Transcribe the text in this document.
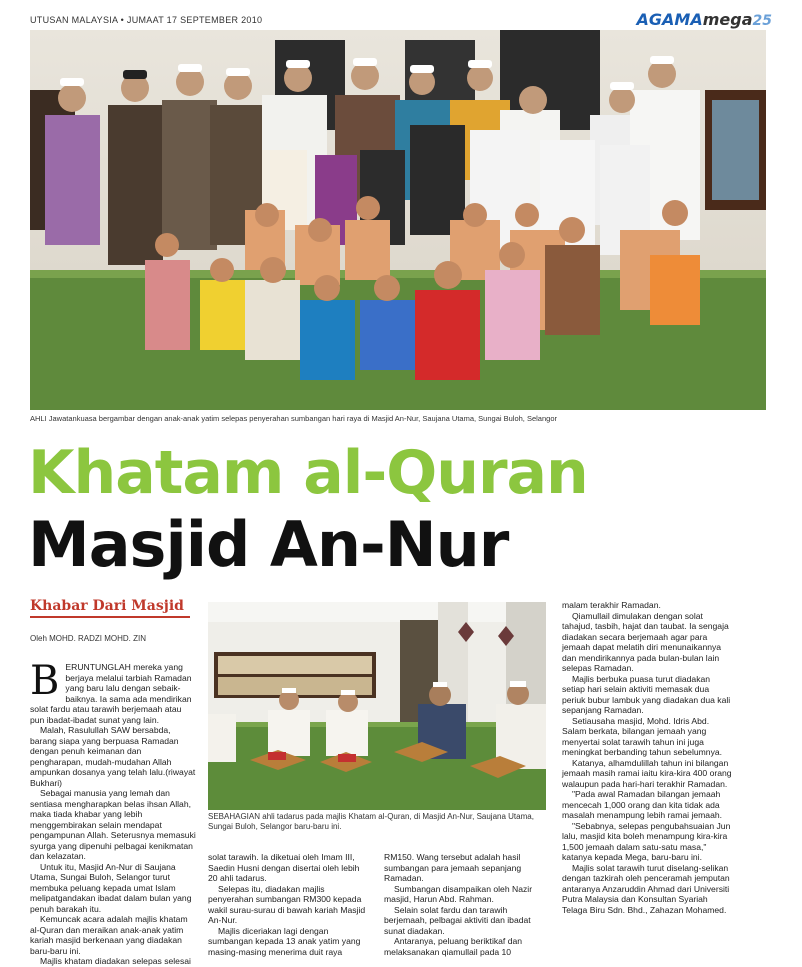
UTUSAN MALAYSIA • JUMAAT 17 SEPTEMBER 2010	AGAMAmega25
AHLI Jawatankuasa bergambar dengan anak-anak yatim selepas penyerahan sumbangan hari raya di Masjid An-Nur, Saujana Utama, Sungai Buloh, Selangor
Khatam al-Quran
Masjid An-Nur
Khabar Dari Masjid
Oleh MOHD. RADZI MOHD. ZIN

BERUNTUNGLAH mereka yang berjaya melalui tarbiah Ramadan yang baru lalu dengan sebaik-baiknya. Ia sama ada mendirikan solat fardu atau tarawih berjemaah atau pun ibadat-ibadat sunat yang lain.

Malah, Rasulullah SAW bersabda, barang siapa yang berpuasa Ramadan dengan penuh keimanan dan pengharapan, mudah-mudahan Allah ampunkan dosanya yang telah lalu.(riwayat Bukhari)

Sebagai manusia yang lemah dan sentiasa mengharapkan belas ihsan Allah, maka tiada khabar yang lebih menggembirakan selain mendapat pengampunan Allah. Seterusnya memasuki syurga yang dipenuhi pelbagai kenikmatan dan kelazatan.

Untuk itu, Masjid An-Nur di Saujana Utama, Sungai Buloh, Selangor turut membuka peluang kepada umat Islam melipatgandakan ibadat dalam bulan yang penuh barakah itu.

Kemuncak acara adalah majlis khatam al-Quran dan meraikan anak-anak yatim kariah masjid berkenaan yang diadakan baru-baru ini.

Majlis khatam diadakan selepas selesai

SEBAHAGIAN ahli tadarus pada majlis Khatam al-Quran, di Masjid An-Nur, Saujana Utama, Sungai Buloh, Selangor baru-baru ini.

solat tarawih. Ia diketuai oleh Imam III, Saedin Husni dengan disertai oleh lebih 20 ahli tadarus.

Selepas itu, diadakan majlis penyerahan sumbangan RM300 kepada wakil surau-surau di bawah kariah Masjid An-Nur.

Majlis diceriakan lagi dengan sumbangan kepada 13 anak yatim yang masing-masing menerima duit raya

RM150. Wang tersebut adalah hasil sumbangan para jemaah sepanjang Ramadan.

Sumbangan disampaikan oleh Nazir masjid, Harun Abd. Rahman.

Selain solat fardu dan tarawih berjemaah, pelbagai aktiviti dan ibadat sunat diadakan.

Antaranya, peluang beriktikaf dan melaksanakan qiamullail pada 10

malam terakhir Ramadan.

Qiamullail dimulakan dengan solat tahajud, tasbih, hajat dan taubat. Ia sengaja diadakan secara berjemaah agar para jemaah dapat melatih diri menunaikannya dan mendirikannya pada bulan-bulan lain selepas Ramadan.

Majlis berbuka puasa turut diadakan setiap hari selain aktiviti memasak dua periuk bubur lambuk yang diadakan dua kali sepanjang Ramadan.

Setiausaha masjid, Mohd. Idris Abd. Salam berkata, bilangan jemaah yang menyertai solat tarawih tahun ini juga meningkat berbanding tahun sebelumnya.

Katanya, alhamdulillah tahun ini bilangan jemaah masih ramai iaitu kira-kira 400 orang walaupun pada hari-hari terakhir Ramadan.

"Pada awal Ramadan bilangan jemaah mencecah 1,000 orang dan kita tidak ada masalah menampung lebih ramai jemaah.

"Sebabnya, selepas pengubahsuaian Jun lalu, masjid kita boleh menampung kira-kira 1,500 jemaah dalam satu-satu masa," katanya kepada Mega, baru-baru ini.

Majlis solat tarawih turut diselang-selikan dengan tazkirah oleh penceramah jemputan antaranya Anzaruddin Ahmad dari Universiti Putra Malaysia dan Konsultan Syariah Telaga Biru Sdn. Bhd., Zahazan Mohamed.
